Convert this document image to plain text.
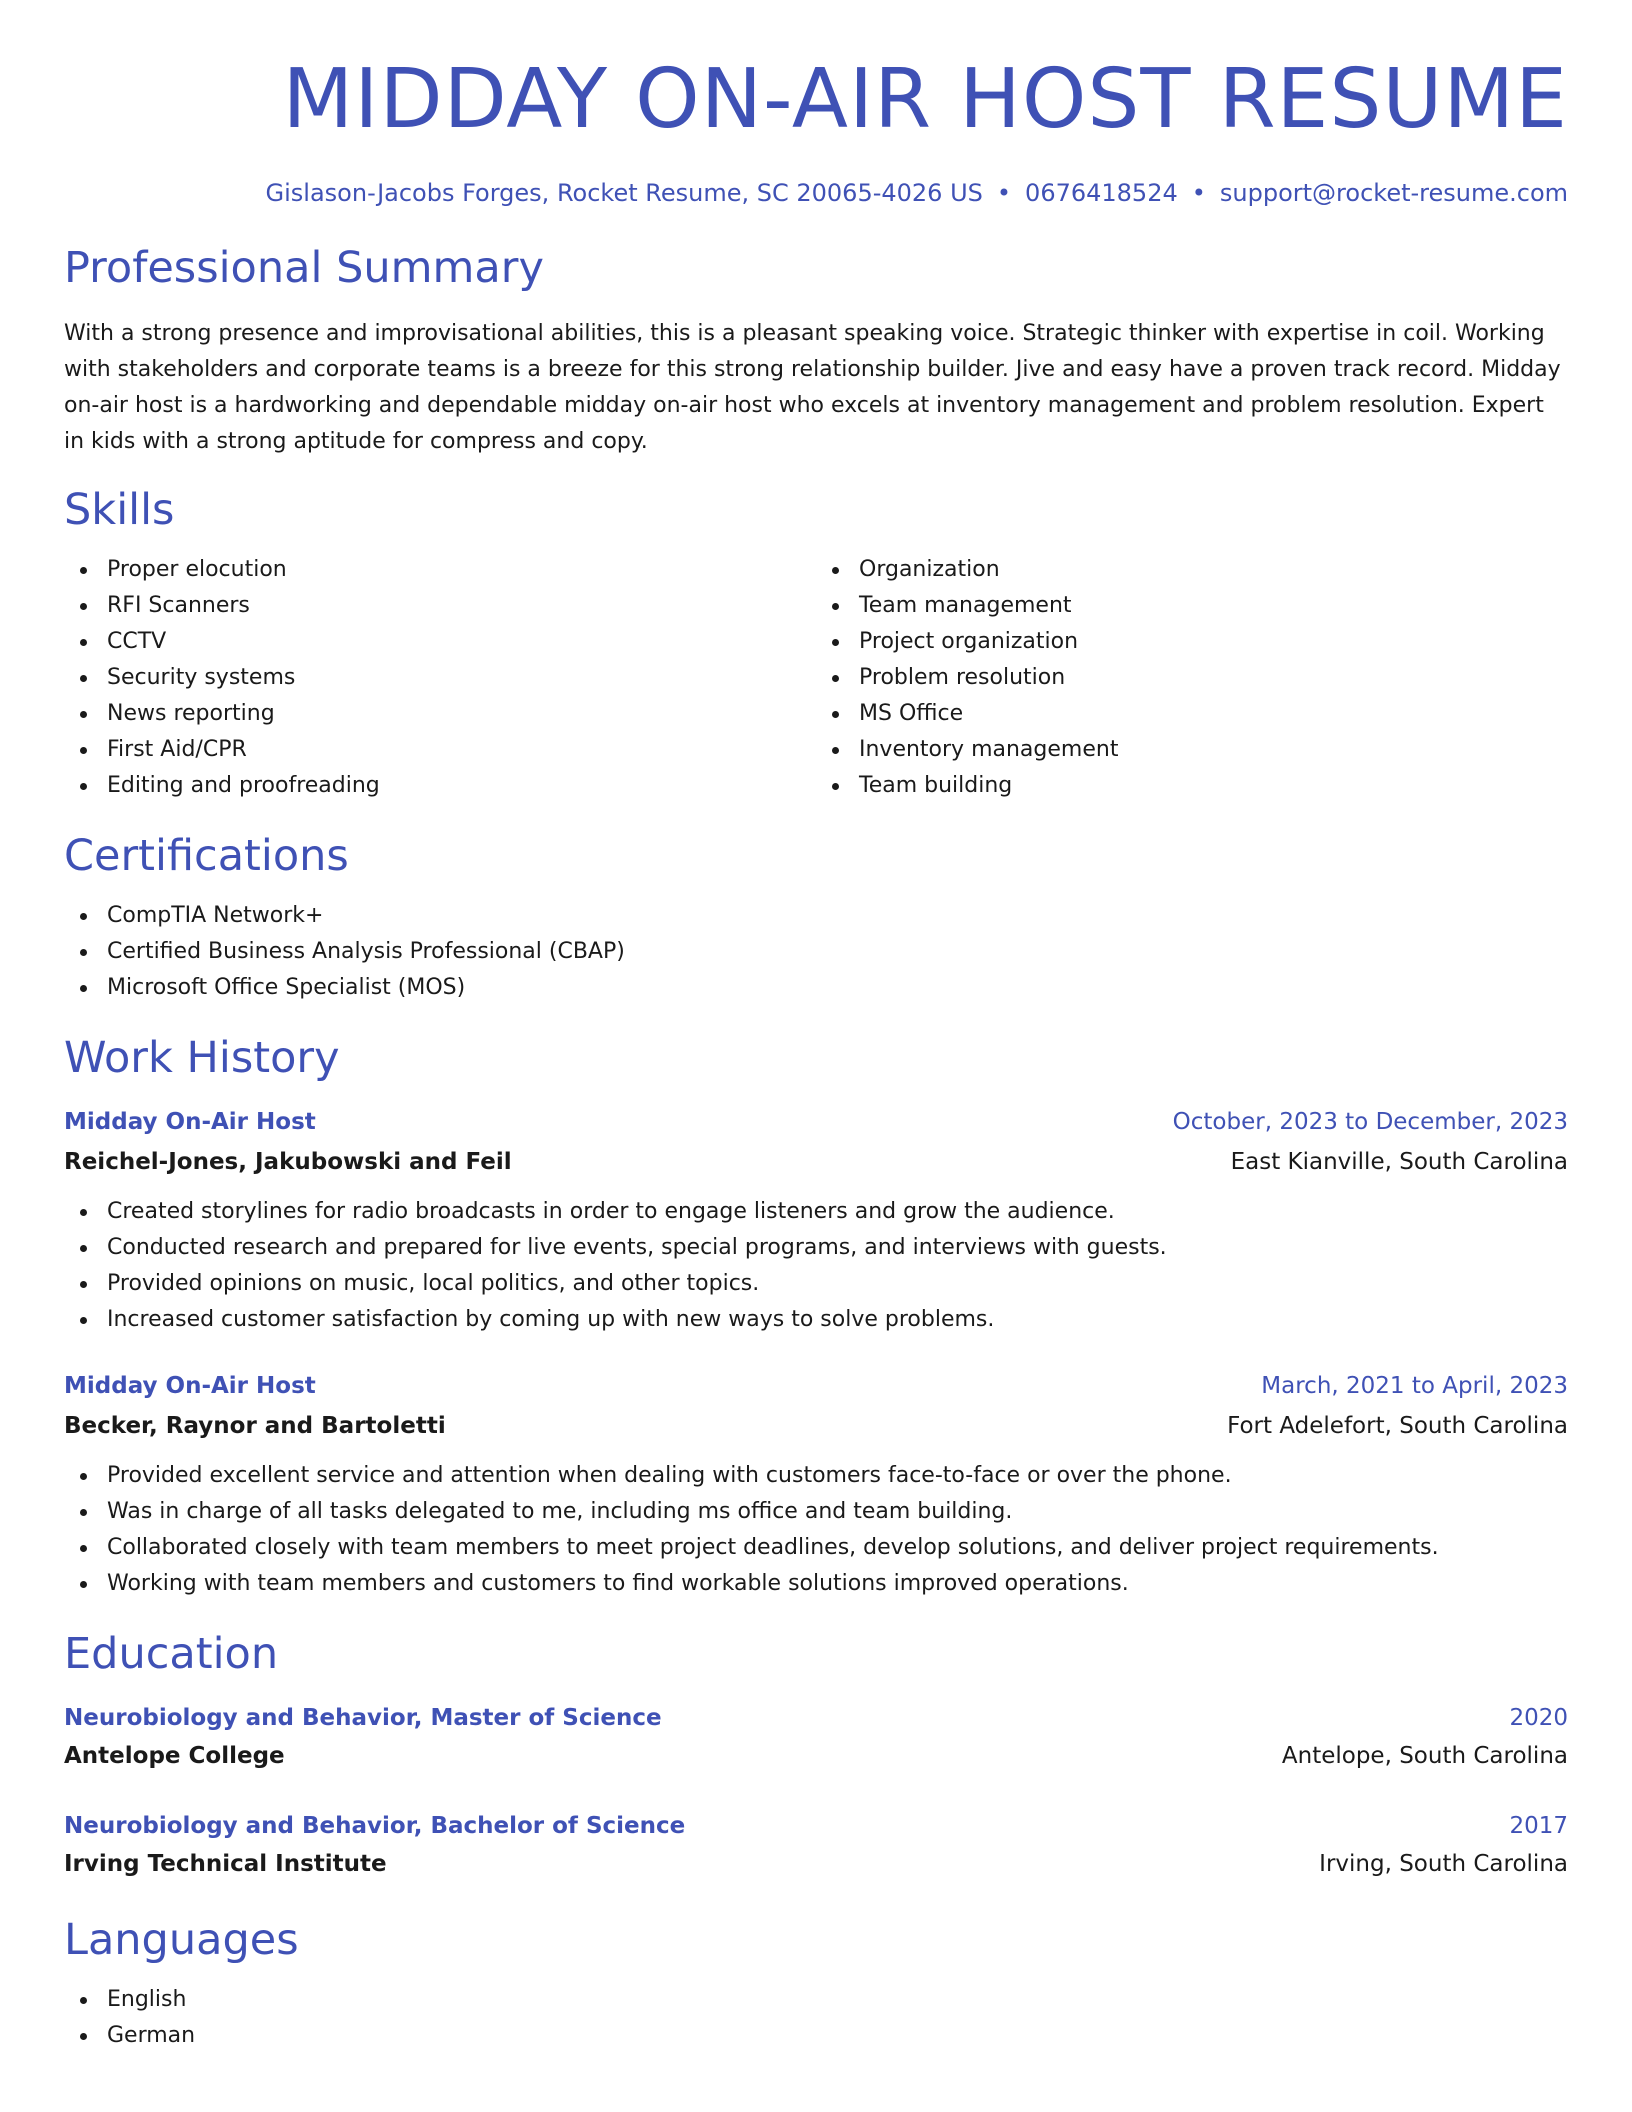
MIDDAY ON-AIR HOST RESUME
Gislason-Jacobs Forges, Rocket Resume, SC 20065-4026 US • 0676418524 • support@rocket-resume.com
Professional Summary

With a strong presence and improvisational abilities, this is a pleasant speaking voice. Strategic thinker with expertise in coil. Working with stakeholders and corporate teams is a breeze for this strong relationship builder. Jive and easy have a proven track record. Midday on-air host is a hardworking and dependable midday on-air host who excels at inventory management and problem resolution. Expert in kids with a strong aptitude for compress and copy.

Skills
Proper elocution
RFI Scanners
CCTV
Security systems
News reporting
First Aid/CPR
Editing and proofreading
Organization
Team management
Project organization
Problem resolution
MS Office
Inventory management
Team building
Certifications
CompTIA Network+
Certified Business Analysis Professional (CBAP)
Microsoft Office Specialist (MOS)
Work History
Midday On-Air Host	October, 2023 to December, 2023
Reichel-Jones, Jakubowski and Feil	East Kianville, South Carolina
Created storylines for radio broadcasts in order to engage listeners and grow the audience.
Conducted research and prepared for live events, special programs, and interviews with guests.
Provided opinions on music, local politics, and other topics.
Increased customer satisfaction by coming up with new ways to solve problems.
Midday On-Air Host	March, 2021 to April, 2023
Becker, Raynor and Bartoletti	Fort Adelefort, South Carolina
Provided excellent service and attention when dealing with customers face-to-face or over the phone.
Was in charge of all tasks delegated to me, including ms office and team building.
Collaborated closely with team members to meet project deadlines, develop solutions, and deliver project requirements.
Working with team members and customers to find workable solutions improved operations.
Education
Neurobiology and Behavior, Master of Science	2020
Antelope College	Antelope, South Carolina
Neurobiology and Behavior, Bachelor of Science	2017
Irving Technical Institute	Irving, South Carolina
Languages
English
German
